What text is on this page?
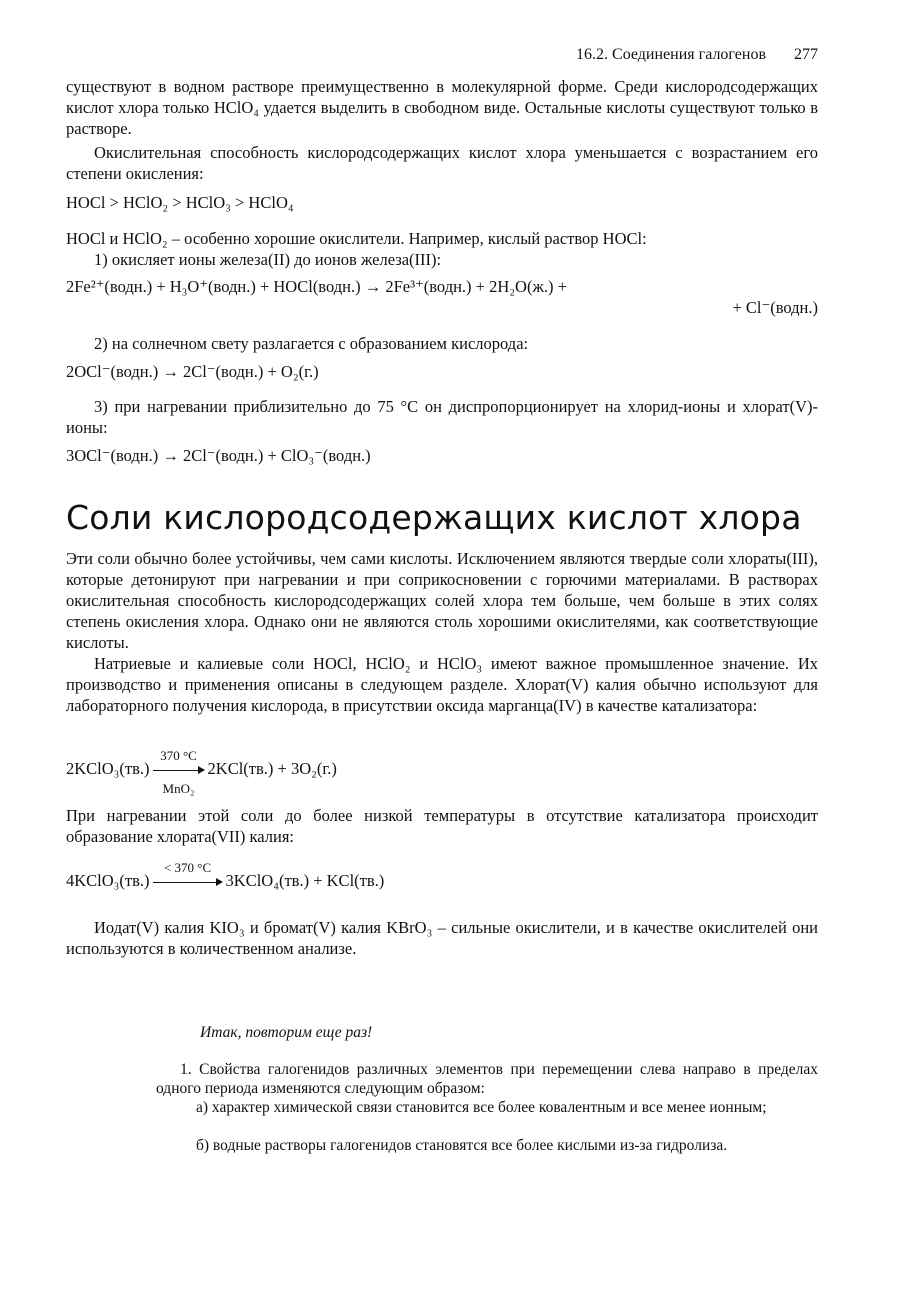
16.2. Соединения галогенов 277
существуют в водном растворе преимущественно в молекулярной форме. Среди кислородсодержащих кислот хлора только HClO₄ удается выделить в свободном виде. Остальные кислоты существуют только в растворе.
Окислительная способность кислородсодержащих кислот хлора уменьшается с возрастанием его степени окисления:
HOCl > HClO₂ > HClO₃ > HClO₄
HOCl и HClO₂ – особенно хорошие окислители. Например, кислый раствор HOCl:
1) окисляет ионы железа(II) до ионов железа(III):
2Fe²⁺(водн.) + H₃O⁺(водн.) + HOCl(водн.) → 2Fe³⁺(водн.) + 2H₂O(ж.) +
+ Cl⁻(водн.)
2) на солнечном свету разлагается с образованием кислорода:
2OCl⁻(водн.) → 2Cl⁻(водн.) + O₂(г.)
3) при нагревании приблизительно до 75 °C он диспропорционирует на хлорид-ионы и хлорат(V)-ионы:
3OCl⁻(водн.) → 2Cl⁻(водн.) + ClO₃⁻(водн.)
Соли кислородсодержащих кислот хлора
Эти соли обычно более устойчивы, чем сами кислоты. Исключением являются твердые соли хлораты(III), которые детонируют при нагревании и при соприкосновении с горючими материалами. В растворах окислительная способность кислородсодержащих солей хлора тем больше, чем больше в этих солях степень окисления хлора. Однако они не являются столь хорошими окислителями, как соответствующие кислоты.
Натриевые и калиевые соли HOCl, HClO₂ и HClO₃ имеют важное промышленное значение. Их производство и применения описаны в следующем разделе. Хлорат(V) калия обычно используют для лабораторного получения кислорода, в присутствии оксида марганца(IV) в качестве катализатора:
2KClO₃(тв.)
370 °C
MnO₂
2KCl(тв.) + 3O₂(г.)
При нагревании этой соли до более низкой температуры в отсутствие катализатора происходит образование хлората(VII) калия:
4KClO₃(тв.)
< 370 °C
3KClO₄(тв.) + KCl(тв.)
Иодат(V) калия KIO₃ и бромат(V) калия KBrO₃ – сильные окислители, и в качестве окислителей они используются в количественном анализе.
Итак, повторим еще раз!
1. Свойства галогенидов различных элементов при перемещении слева направо в пределах одного периода изменяются следующим образом:
а) характер химической связи становится все более ковалентным и все менее ионным;
б) водные растворы галогенидов становятся все более кислыми из-за гидролиза.
